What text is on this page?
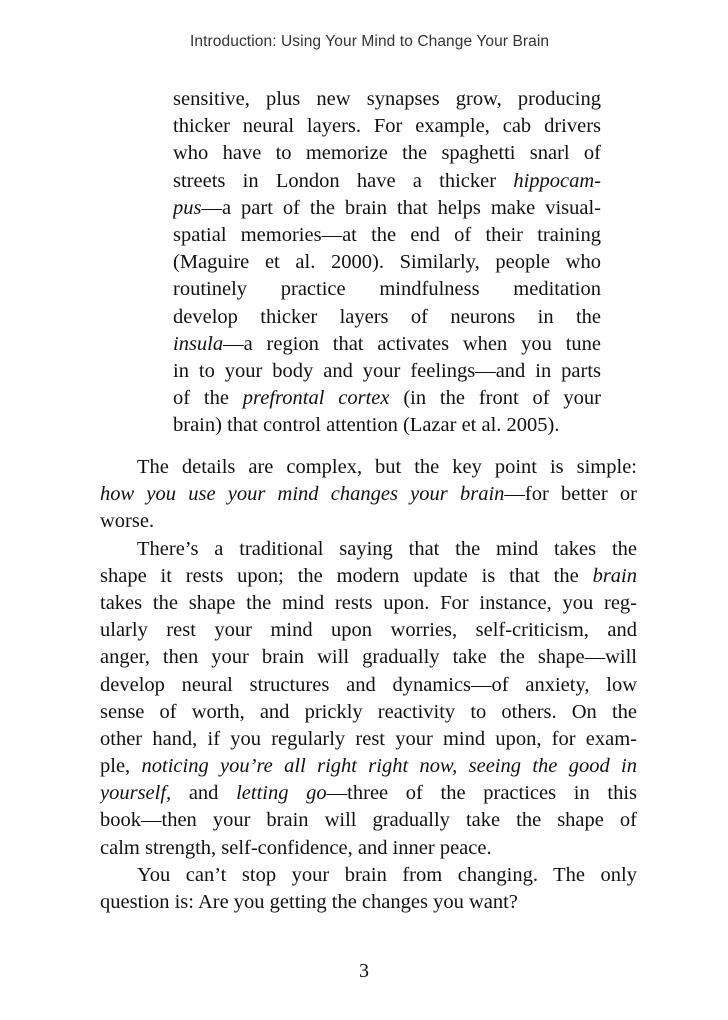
Introduction: Using Your Mind to Change Your Brain
sensitive, plus new synapses grow, producing
thicker neural layers. For example, cab drivers
who have to memorize the spaghetti snarl of
streets in London have a thicker hippocam-
pus—a part of the brain that helps make visual-
spatial memories—at the end of their training
(Maguire et al. 2000). Similarly, people who
routinely practice mindfulness meditation
develop thicker layers of neurons in the
insula—a region that activates when you tune
in to your body and your feelings—and in parts
of the prefrontal cortex (in the front of your
brain) that control attention (Lazar et al. 2005).
The details are complex, but the key point is simple:
how you use your mind changes your brain—for better or
worse.
There’s a traditional saying that the mind takes the
shape it rests upon; the modern update is that the brain
takes the shape the mind rests upon. For instance, you reg-
ularly rest your mind upon worries, self-criticism, and
anger, then your brain will gradually take the shape—will
develop neural structures and dynamics—of anxiety, low
sense of worth, and prickly reactivity to others. On the
other hand, if you regularly rest your mind upon, for exam-
ple, noticing you’re all right right now, seeing the good in
yourself, and letting go—three of the practices in this
book—then your brain will gradually take the shape of
calm strength, self-confidence, and inner peace.
You can’t stop your brain from changing. The only
question is: Are you getting the changes you want?
3
